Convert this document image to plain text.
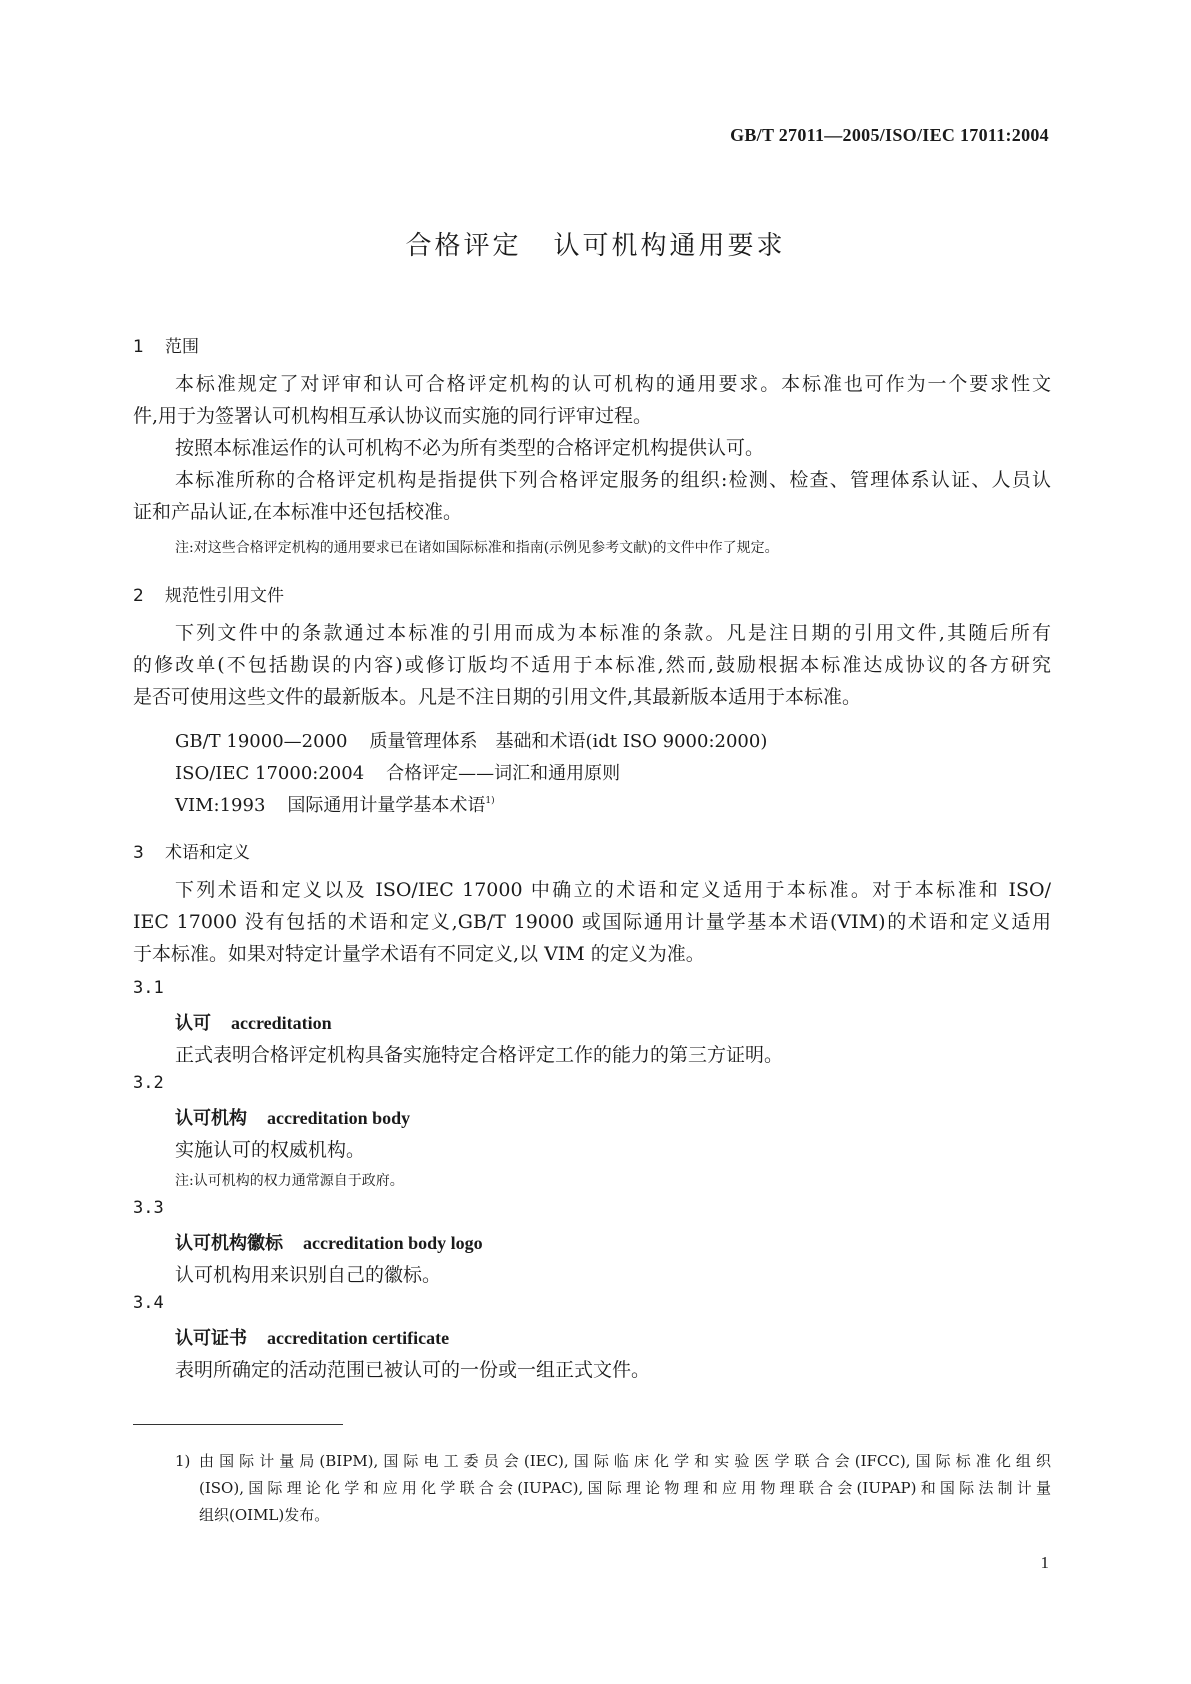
GB/T 27011—2005/ISO/IEC 17011:2004
合格评定 认可机构通用要求
1 范围
本标准规定了对评审和认可合格评定机构的认可机构的通用要求。本标准也可作为一个要求性文
件,用于为签署认可机构相互承认协议而实施的同行评审过程。
按照本标准运作的认可机构不必为所有类型的合格评定机构提供认可。
本标准所称的合格评定机构是指提供下列合格评定服务的组织:检测、检查、管理体系认证、人员认
证和产品认证,在本标准中还包括校准。
注:对这些合格评定机构的通用要求已在诸如国际标准和指南(示例见参考文献)的文件中作了规定。
2 规范性引用文件
下列文件中的条款通过本标准的引用而成为本标准的条款。凡是注日期的引用文件,其随后所有
的修改单(不包括勘误的内容)或修订版均不适用于本标准,然而,鼓励根据本标准达成协议的各方研究
是否可使用这些文件的最新版本。凡是不注日期的引用文件,其最新版本适用于本标准。
GB/T 19000—2000 质量管理体系　基础和术语(idt ISO 9000:2000)
ISO/IEC 17000:2004 合格评定——词汇和通用原则
VIM:1993 国际通用计量学基本术语$^{1)}$
3 术语和定义
下列术语和定义以及 ISO/IEC 17000 中确立的术语和定义适用于本标准。对于本标准和 ISO/
IEC 17000 没有包括的术语和定义,GB/T 19000 或国际通用计量学基本术语(VIM)的术语和定义适用
于本标准。如果对特定计量学术语有不同定义,以 VIM 的定义为准。
3.1
认可 accreditation
正式表明合格评定机构具备实施特定合格评定工作的能力的第三方证明。
3.2
认可机构 accreditation body
实施认可的权威机构。
注:认可机构的权力通常源自于政府。
3.3
认可机构徽标 accreditation body logo
认可机构用来识别自己的徽标。
3.4
认可证书 accreditation certificate
表明所确定的活动范围已被认可的一份或一组正式文件。
1) 由国际计量局(BIPM),国际电工委员会(IEC),国际临床化学和实验医学联合会(IFCC),国际标准化组织
(ISO),国际理论化学和应用化学联合会(IUPAC),国际理论物理和应用物理联合会(IUPAP)和国际法制计量
组织(OIML)发布。
1
